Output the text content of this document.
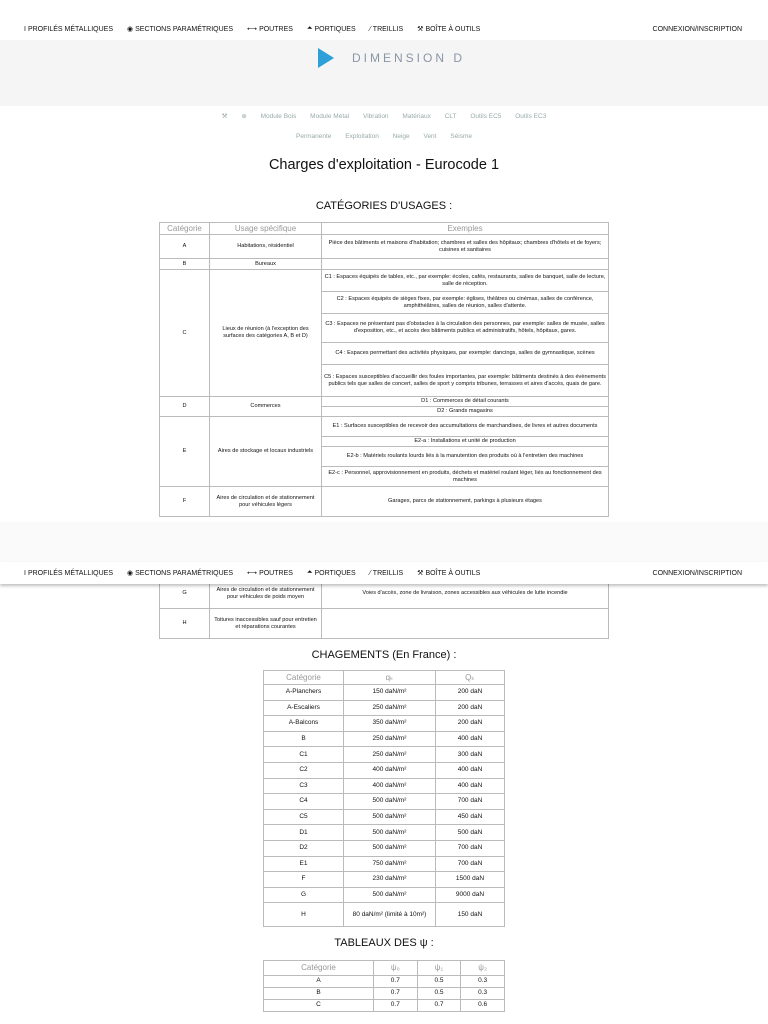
I PROFILÉS MÉTALLIQUES ◉ SECTIONS PARAMÉTRIQUES ⟷ POUTRES ⏶ PORTIQUES ⁄ TREILLIS ⚒ BOÎTE À OUTILS	CONNEXION/INSCRIPTION
DIMENSION D
⚒ ⊕ Module Bois Module Métal Vibration Matériaux CLT Outils EC5 Outils EC3
Permanente Exploitation Neige Vent Séisme
Charges d'exploitation - Eurocode 1
CATÉGORIES D'USAGES :
Catégorie	Usage spécifique	Exemples
A	Habitations, résidentiel	Pièce des bâtiments et maisons d'habitation; chambres et salles des hôpitaux; chambres d'hôtels et de foyers; cuisines et sanitaires
B	Bureaux	
C	Lieux de réunion (à l'exception des surfaces des catégories A, B et D)	C1 : Espaces équipés de tables, etc., par exemple: écoles, cafés, restaurants, salles de banquet, salle de lecture, salle de réception.
		C2 : Espaces équipés de sièges fixes, par exemple: églises, théâtres ou cinémas, salles de conférence, amphithéâtres, salles de réunion, salles d'attente.
		C3 : Espaces ne présentant pas d'obstacles à la circulation des personnes, par exemple: salles de musée, salles d'exposition, etc., et accès des bâtiments publics et administratifs, hôtels, hôpitaux, gares.
		C4 : Espaces permettant des activités physiques, par exemple: dancings, salles de gymnastique, scènes
		C5 : Espaces susceptibles d'accueillir des foules importantes, par exemple: bâtiments destinés à des évènements publics tels que salles de concert, salles de sport y compris tribunes, terrasses et aires d'accès, quais de gare.
D	Commerces	D1 : Commerces de détail courants
		D2 : Grands magasins
E	Aires de stockage et locaux industriels	E1 : Surfaces susceptibles de recevoir des accumultations de marchandises, de livres et autres documents
		E2-a : Installations et unité de production
		E2-b : Matériels roulants lourds liés à la manutention des produits où à l'entretien des machines
		E2-c : Personnel, approvisionnement en produits, déchets et matériel roulant léger, liés au fonctionnement des machines
F	Aires de circulation et de stationnement pour véhicules légers	Garages, parcs de stationnement, parkings à plusieurs étages
I PROFILÉS MÉTALLIQUES ◉ SECTIONS PARAMÉTRIQUES ⟷ POUTRES ⏶ PORTIQUES ⁄ TREILLIS ⚒ BOÎTE À OUTILS	CONNEXION/INSCRIPTION
G	Aires de circulation et de stationnement pour véhicules de poids moyen	Voies d'accès, zone de livraison, zones accessibles aux véhicules de lutte incendie
H	Toitures inaccessibles sauf pour entretien et réparations courantes	
CHAGEMENTS (En France) :
Catégorie	qₖ	Qₖ
A-Planchers	150 daN/m²	200 daN
A-Escaliers	250 daN/m²	200 daN
A-Balcons	350 daN/m²	200 daN
B	250 daN/m²	400 daN
C1	250 daN/m²	300 daN
C2	400 daN/m²	400 daN
C3	400 daN/m²	400 daN
C4	500 daN/m²	700 daN
C5	500 daN/m²	450 daN
D1	500 daN/m²	500 daN
D2	500 daN/m²	700 daN
E1	750 daN/m²	700 daN
F	230 daN/m²	1500 daN
G	500 daN/m²	9000 daN
H	80 daN/m² (limité à 10m²)	150 daN
TABLEAUX DES ψ :
Catégorie	ψ₀	ψ₁	ψ₂
A	0.7	0.5	0.3
B	0.7	0.5	0.3
C	0.7	0.7	0.6
